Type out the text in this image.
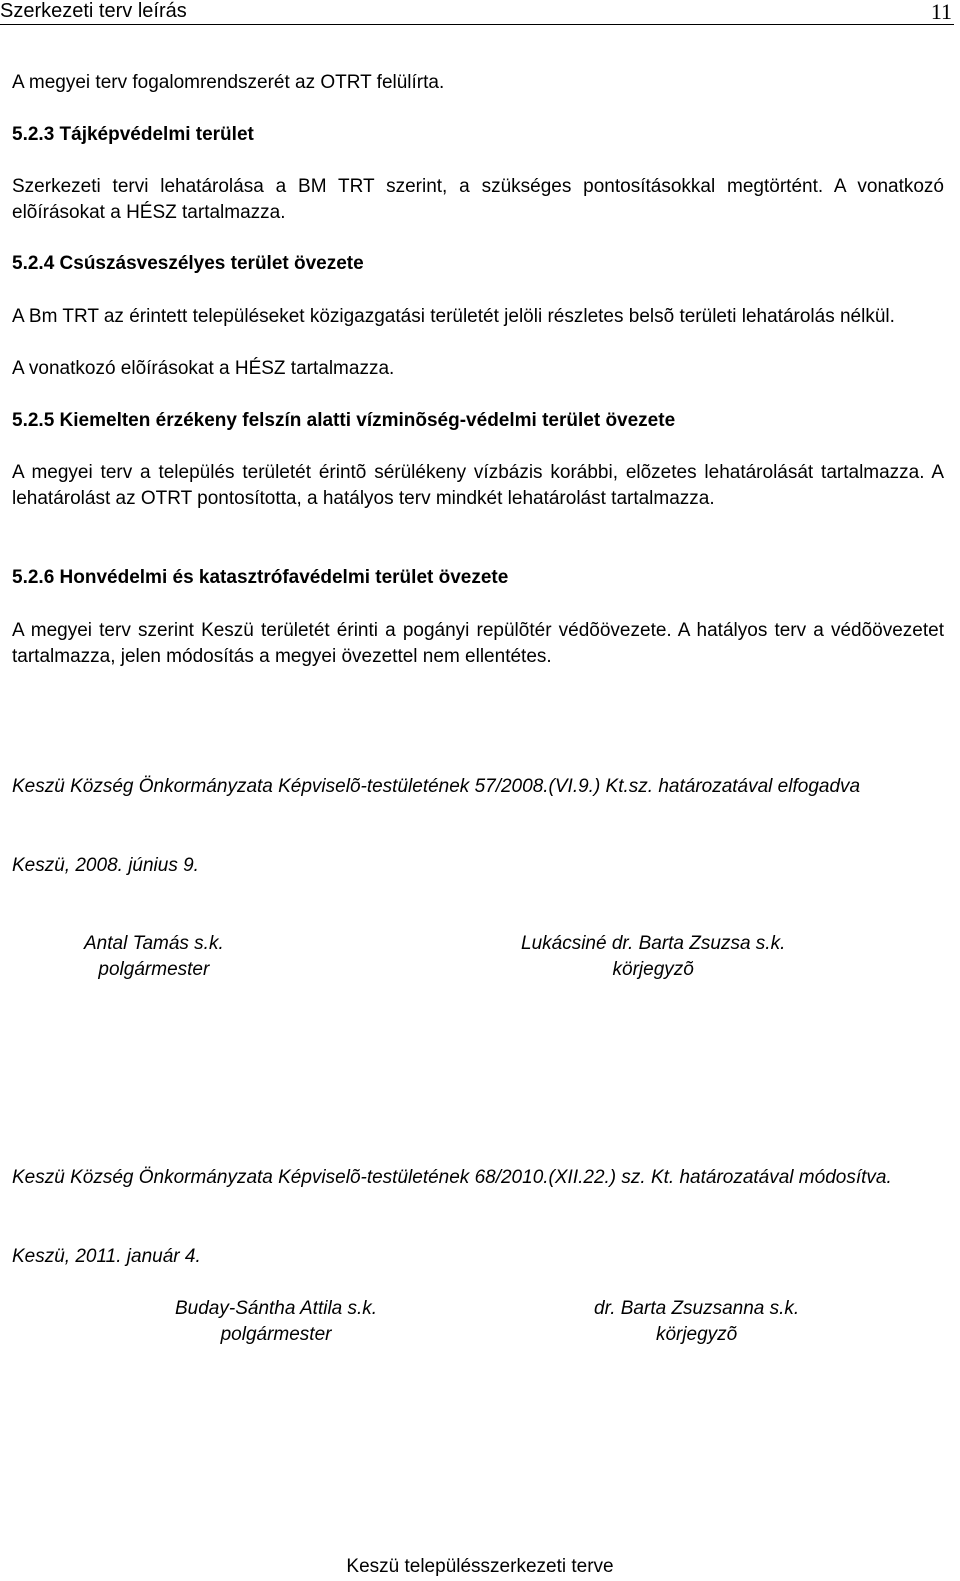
Szerkezeti terv leírás	11

A megyei terv fogalomrendszerét az OTRT felülírta.

5.2.3 Tájképvédelmi terület

Szerkezeti tervi lehatárolása a BM TRT szerint, a szükséges pontosításokkal megtörtént. A vonatkozó elõírásokat a HÉSZ tartalmazza.

5.2.4 Csúszásveszélyes terület övezete

A Bm TRT az érintett településeket közigazgatási területét jelöli részletes belsõ területi lehatárolás nélkül.

A vonatkozó elõírásokat a HÉSZ tartalmazza.

5.2.5 Kiemelten érzékeny felszín alatti vízminõség-védelmi terület övezete

A megyei terv a település területét érintõ sérülékeny vízbázis korábbi, elõzetes lehatárolását tartalmazza. A lehatárolást az OTRT pontosította, a hatályos terv mindkét lehatárolást tartalmazza.

5.2.6 Honvédelmi és katasztrófavédelmi terület övezete

A megyei terv szerint Keszü területét érinti a pogányi repülõtér védõövezete. A hatályos terv a védõövezetet tartalmazza, jelen módosítás a megyei övezettel nem ellentétes.

Keszü Község Önkormányzata Képviselõ-testületének 57/2008.(VI.9.) Kt.sz. határozatával elfogadva

Keszü, 2008. június 9.

Antal Tamás s.k.
polgármester
Lukácsiné dr. Barta Zsuzsa s.k.
körjegyzõ

Keszü Község Önkormányzata Képviselõ-testületének 68/2010.(XII.22.) sz. Kt. határozatával módosítva.

Keszü, 2011. január 4.

Buday-Sántha Attila s.k.
polgármester
dr. Barta Zsuzsanna s.k.
körjegyzõ
Keszü településszerkezeti terve
